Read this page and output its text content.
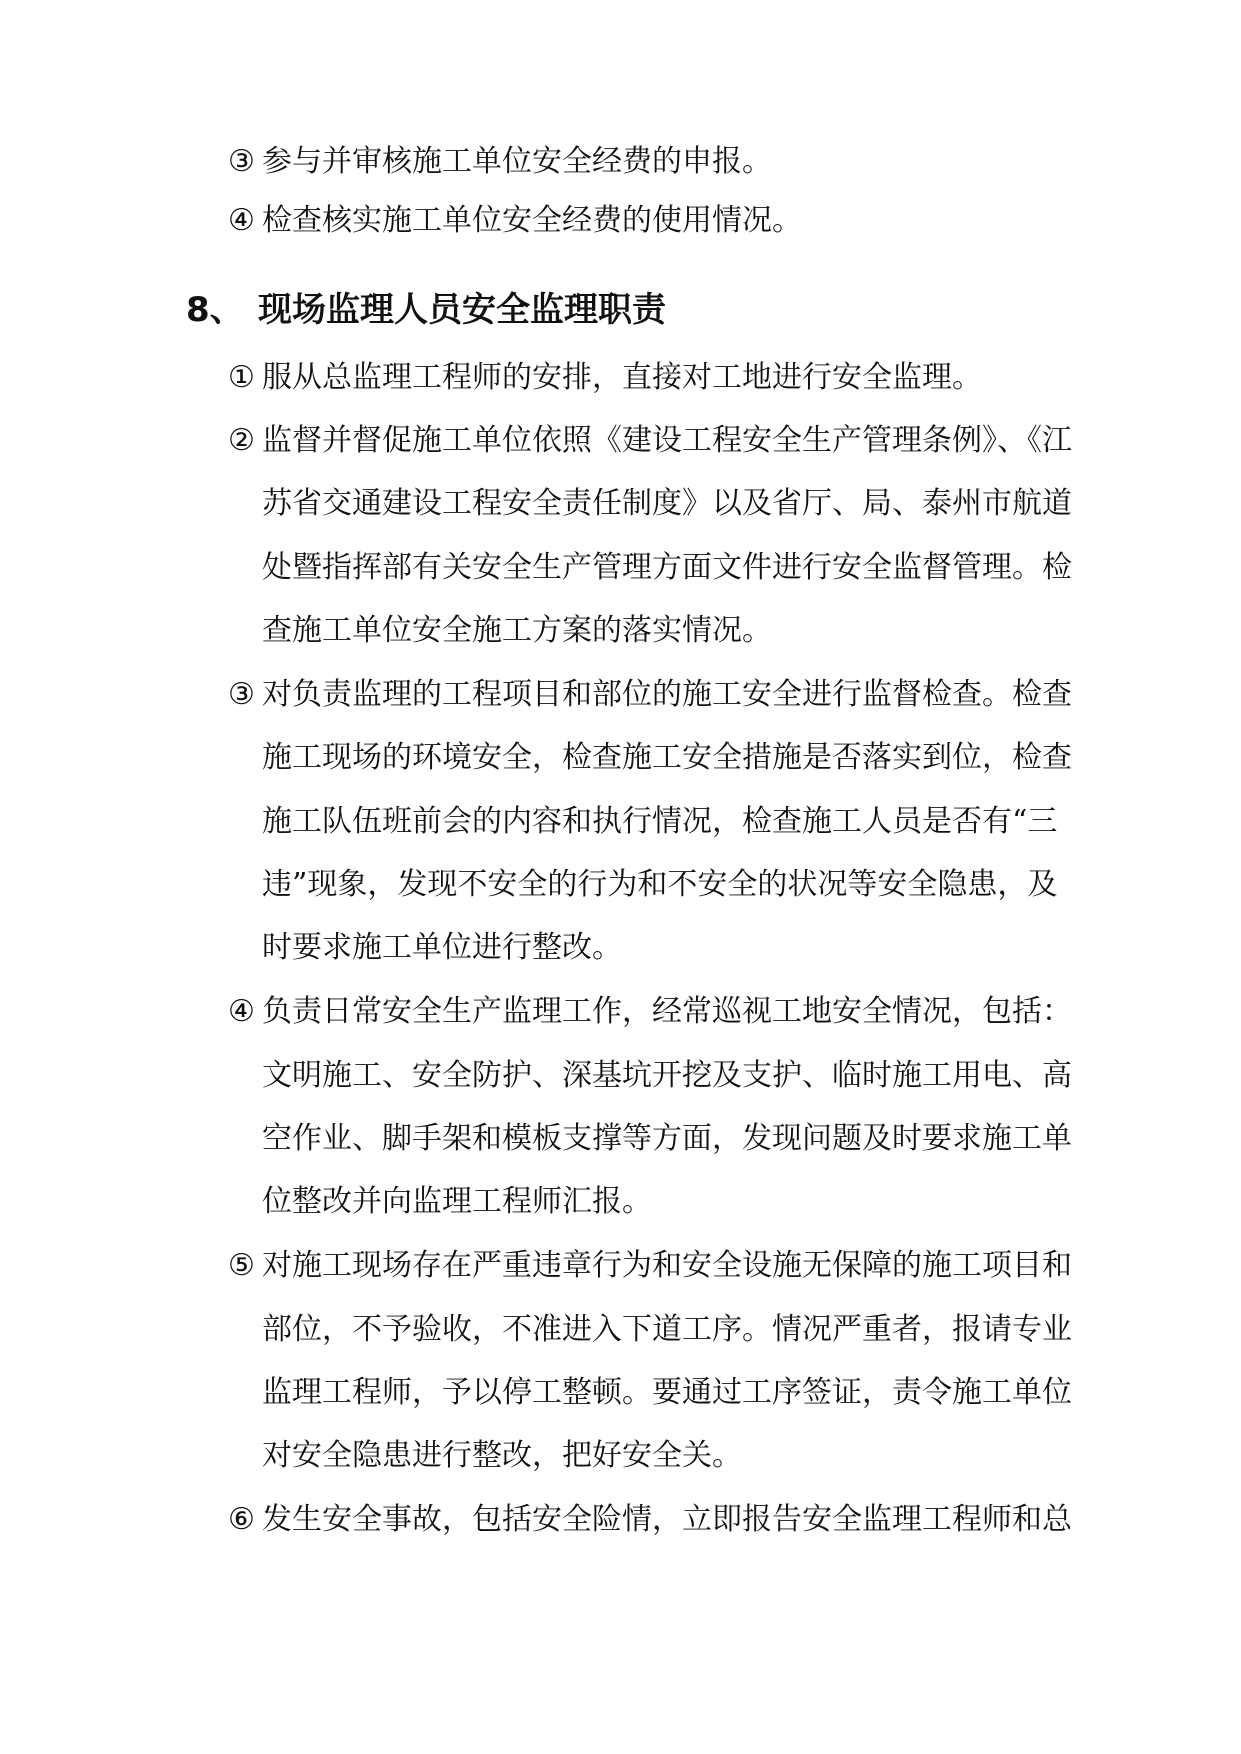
③ 参与并审核施工单位安全经费的申报。
④ 检查核实施工单位安全经费的使用情况。
8、 现场监理人员安全监理职责
① 服从总监理工程师的安排，直接对工地进行安全监理。
② 监督并督促施工单位依照《建设工程安全生产管理条例》、《江
苏省交通建设工程安全责任制度》以及省厅、局、泰州市航道
处暨指挥部有关安全生产管理方面文件进行安全监督管理。检
查施工单位安全施工方案的落实情况。
③ 对负责监理的工程项目和部位的施工安全进行监督检查。检查
施工现场的环境安全，检查施工安全措施是否落实到位，检查
施工队伍班前会的内容和执行情况，检查施工人员是否有“三
违”现象，发现不安全的行为和不安全的状况等安全隐患，及
时要求施工单位进行整改。
④ 负责日常安全生产监理工作，经常巡视工地安全情况，包括：
文明施工、安全防护、深基坑开挖及支护、临时施工用电、高
空作业、脚手架和模板支撑等方面，发现问题及时要求施工单
位整改并向监理工程师汇报。
⑤ 对施工现场存在严重违章行为和安全设施无保障的施工项目和
部位，不予验收，不准进入下道工序。情况严重者，报请专业
监理工程师，予以停工整顿。要通过工序签证，责令施工单位
对安全隐患进行整改，把好安全关。
⑥ 发生安全事故，包括安全险情，立即报告安全监理工程师和总
